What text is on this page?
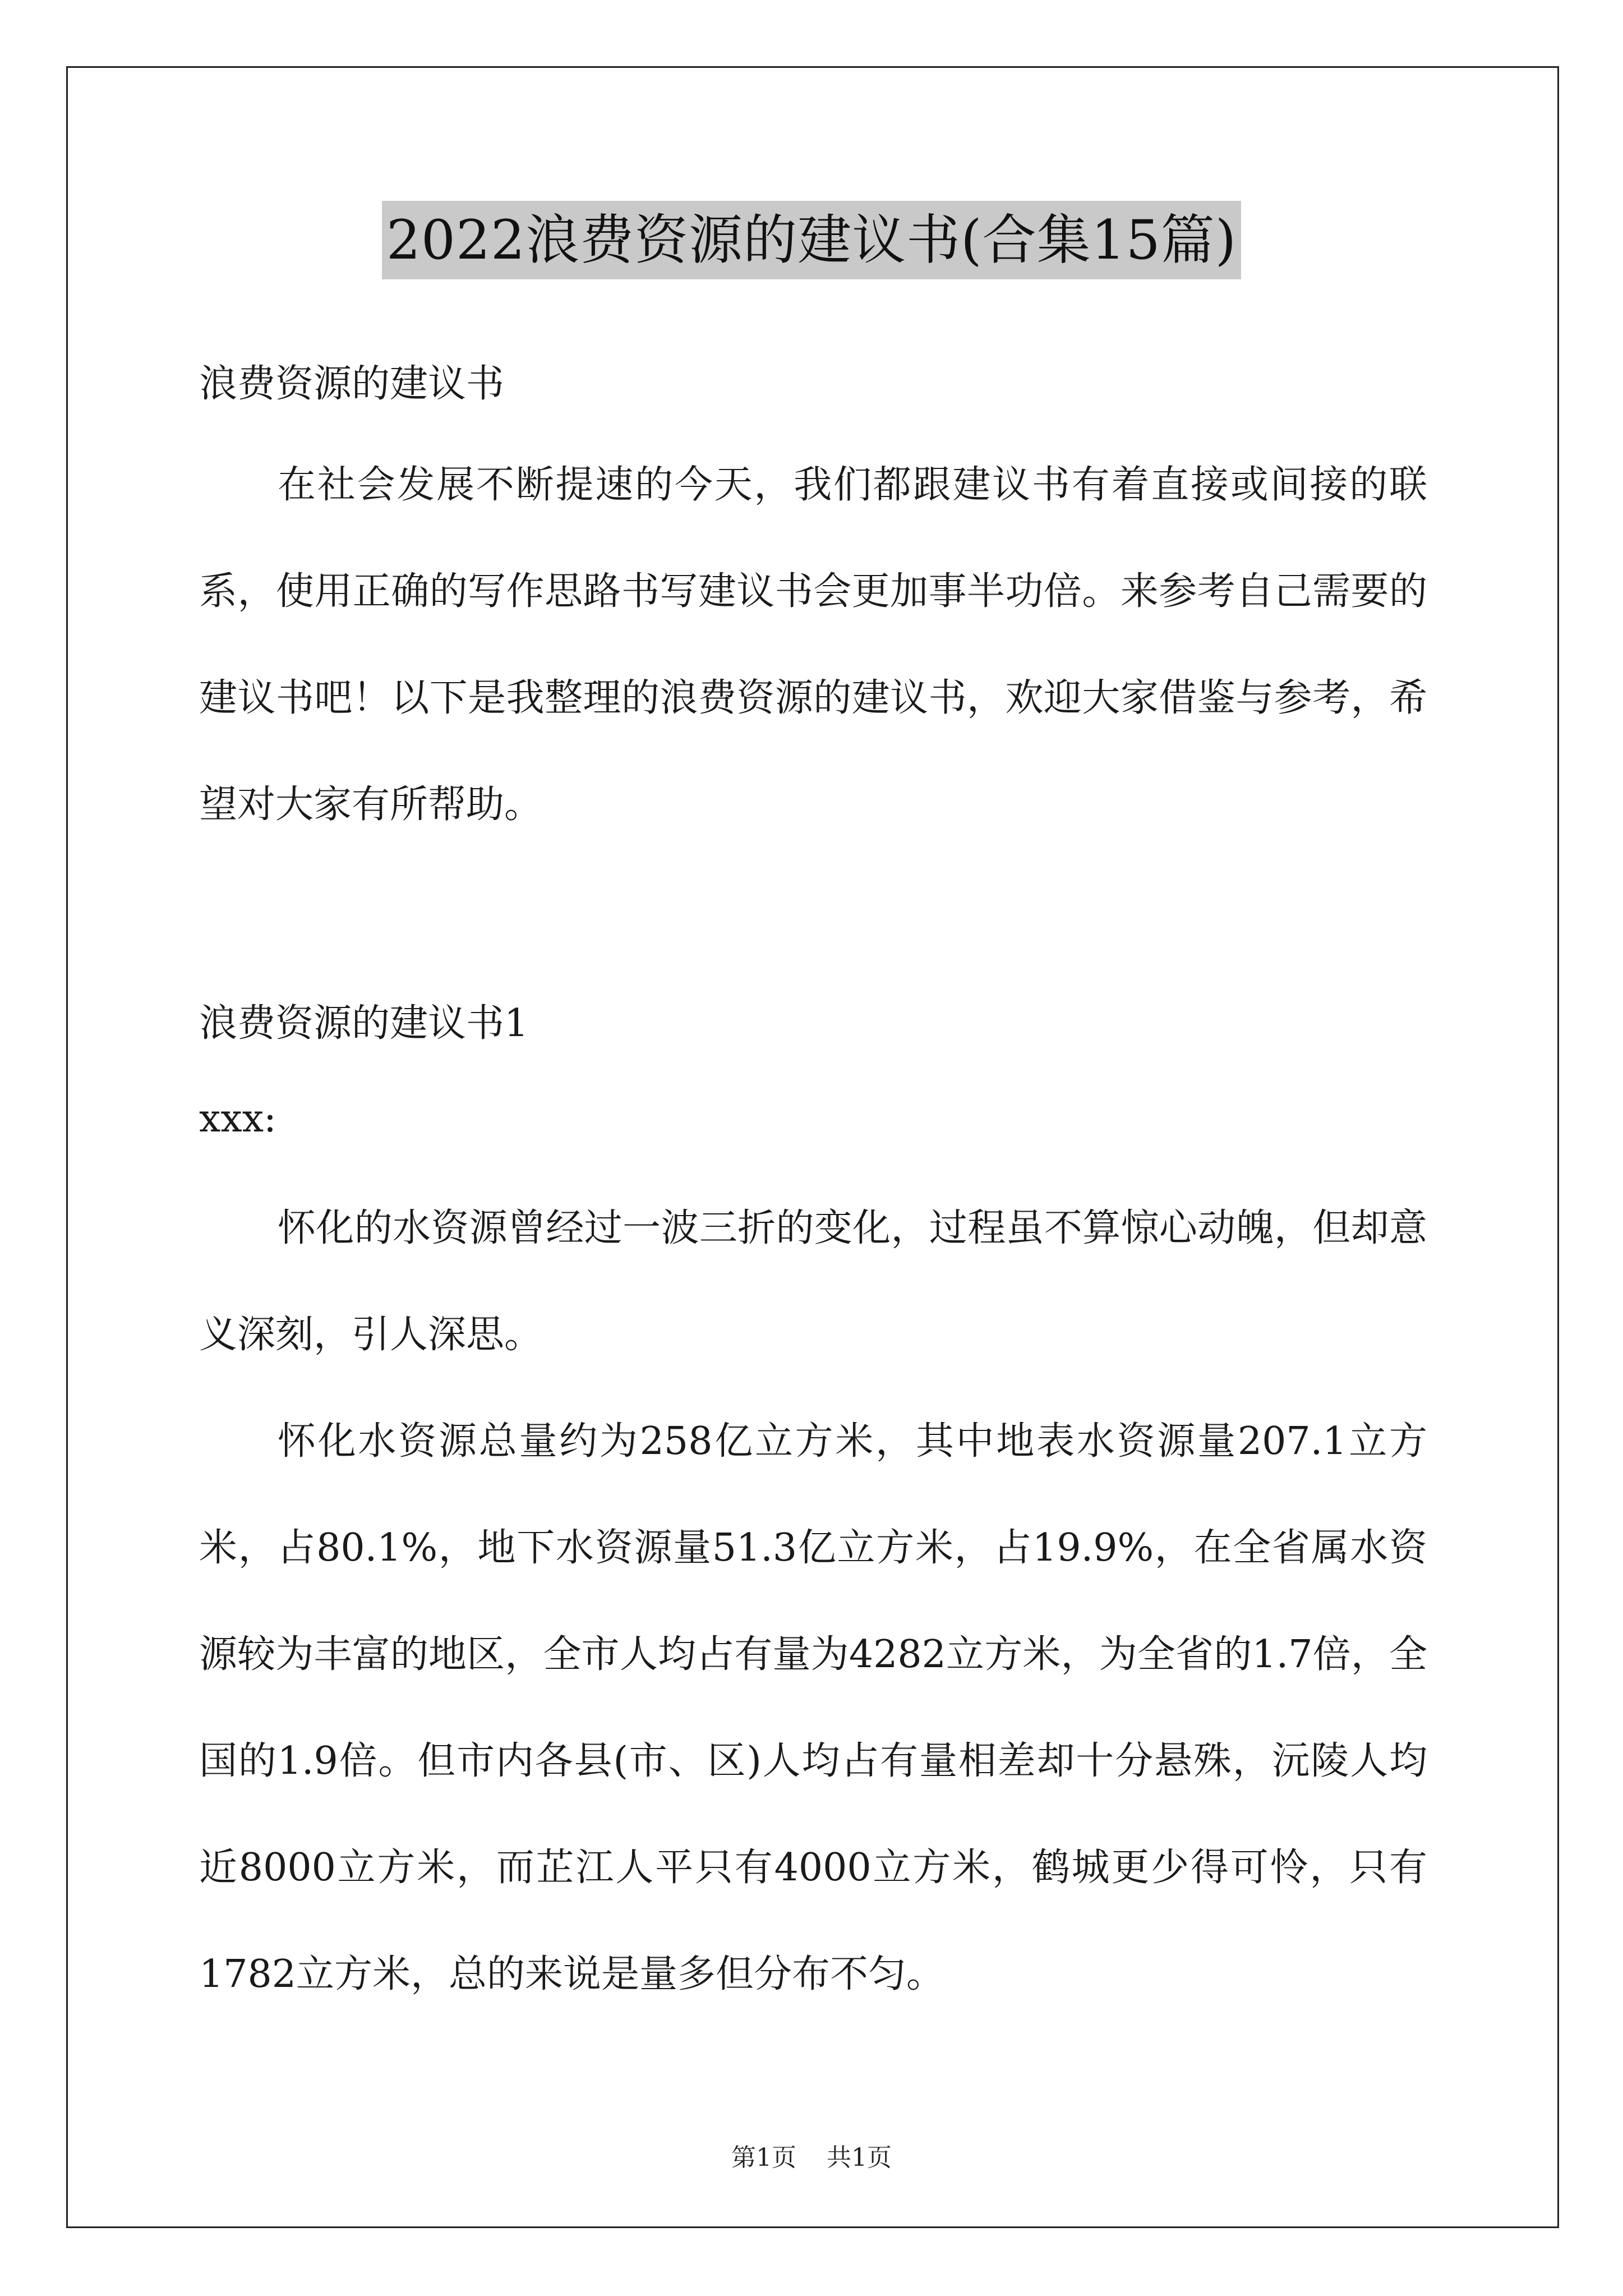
2022浪费资源的建议书(合集15篇)
浪费资源的建议书
在社会发展不断提速的今天，我们都跟建议书有着直接或间接的联系，使用正确的写作思路书写建议书会更加事半功倍。来参考自己需要的建议书吧！以下是我整理的浪费资源的建议书，欢迎大家借鉴与参考，希望对大家有所帮助。
浪费资源的建议书1
xxx:
怀化的水资源曾经过一波三折的变化，过程虽不算惊心动魄，但却意义深刻，引人深思。
怀化水资源总量约为258亿立方米，其中地表水资源量207.1立方米，占80.1%，地下水资源量51.3亿立方米，占19.9%，在全省属水资源较为丰富的地区，全市人均占有量为4282立方米，为全省的1.7倍，全国的1.9倍。但市内各县(市、区)人均占有量相差却十分悬殊，沅陵人均近8000立方米，而芷江人平只有4000立方米，鹤城更少得可怜，只有1782立方米，总的来说是量多但分布不匀。
第1页 共1页
